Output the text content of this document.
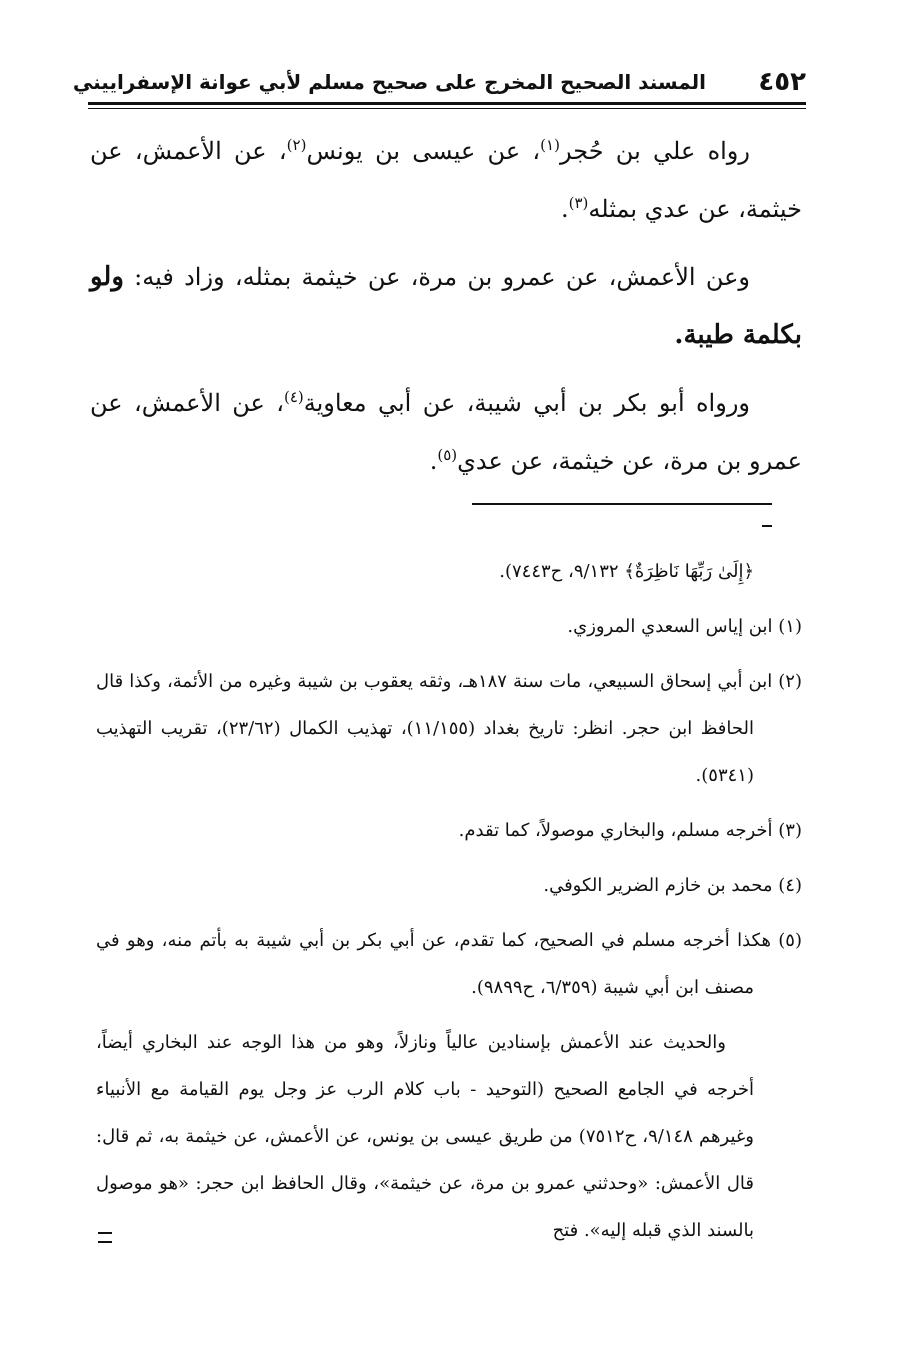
٤٥٢
المسند الصحيح المخرج على صحيح مسلم لأبي عوانة الإسفراييني

رواه علي بن حُجر$^{(١)}$، عن عيسى بن يونس$^{(٢)}$، عن الأعمش، عن خيثمة، عن عدي بمثله$^{(٣)}$.

وعن الأعمش، عن عمرو بن مرة، عن خيثمة بمثله، وزاد فيه: ولو بكلمة طيبة.

ورواه أبو بكر بن أبي شيبة، عن أبي معاوية$^{(٤)}$، عن الأعمش، عن عمرو بن مرة، عن خيثمة، عن عدي$^{(٥)}$.

﴿إِلَىٰ رَبِّهَا نَاظِرَةٌ﴾ ٩/١٣٢، ح٧٤٤٣).

(١) ابن إياس السعدي المروزي.

(٢) ابن أبي إسحاق السبيعي، مات سنة ١٨٧هـ، وثقه يعقوب بن شيبة وغيره من الأئمة، وكذا قال الحافظ ابن حجر. انظر: تاريخ بغداد (١١/١٥٥)، تهذيب الكمال (٢٣/٦٢)، تقريب التهذيب (٥٣٤١).

(٣) أخرجه مسلم، والبخاري موصولاً، كما تقدم.

(٤) محمد بن خازم الضرير الكوفي.

(٥) هكذا أخرجه مسلم في الصحيح، كما تقدم، عن أبي بكر بن أبي شيبة به بأتم منه، وهو في مصنف ابن أبي شيبة (٦/٣٥٩، ح٩٨٩٩).

والحديث عند الأعمش بإسنادين عالياً ونازلاً، وهو من هذا الوجه عند البخاري أيضاً، أخرجه في الجامع الصحيح (التوحيد - باب كلام الرب عز وجل يوم القيامة مع الأنبياء وغيرهم ٩/١٤٨، ح٧٥١٢) من طريق عيسى بن يونس، عن الأعمش، عن خيثمة به، ثم قال: قال الأعمش: «وحدثني عمرو بن مرة، عن خيثمة»، وقال الحافظ ابن حجر: «هو موصول بالسند الذي قبله إليه». فتح
